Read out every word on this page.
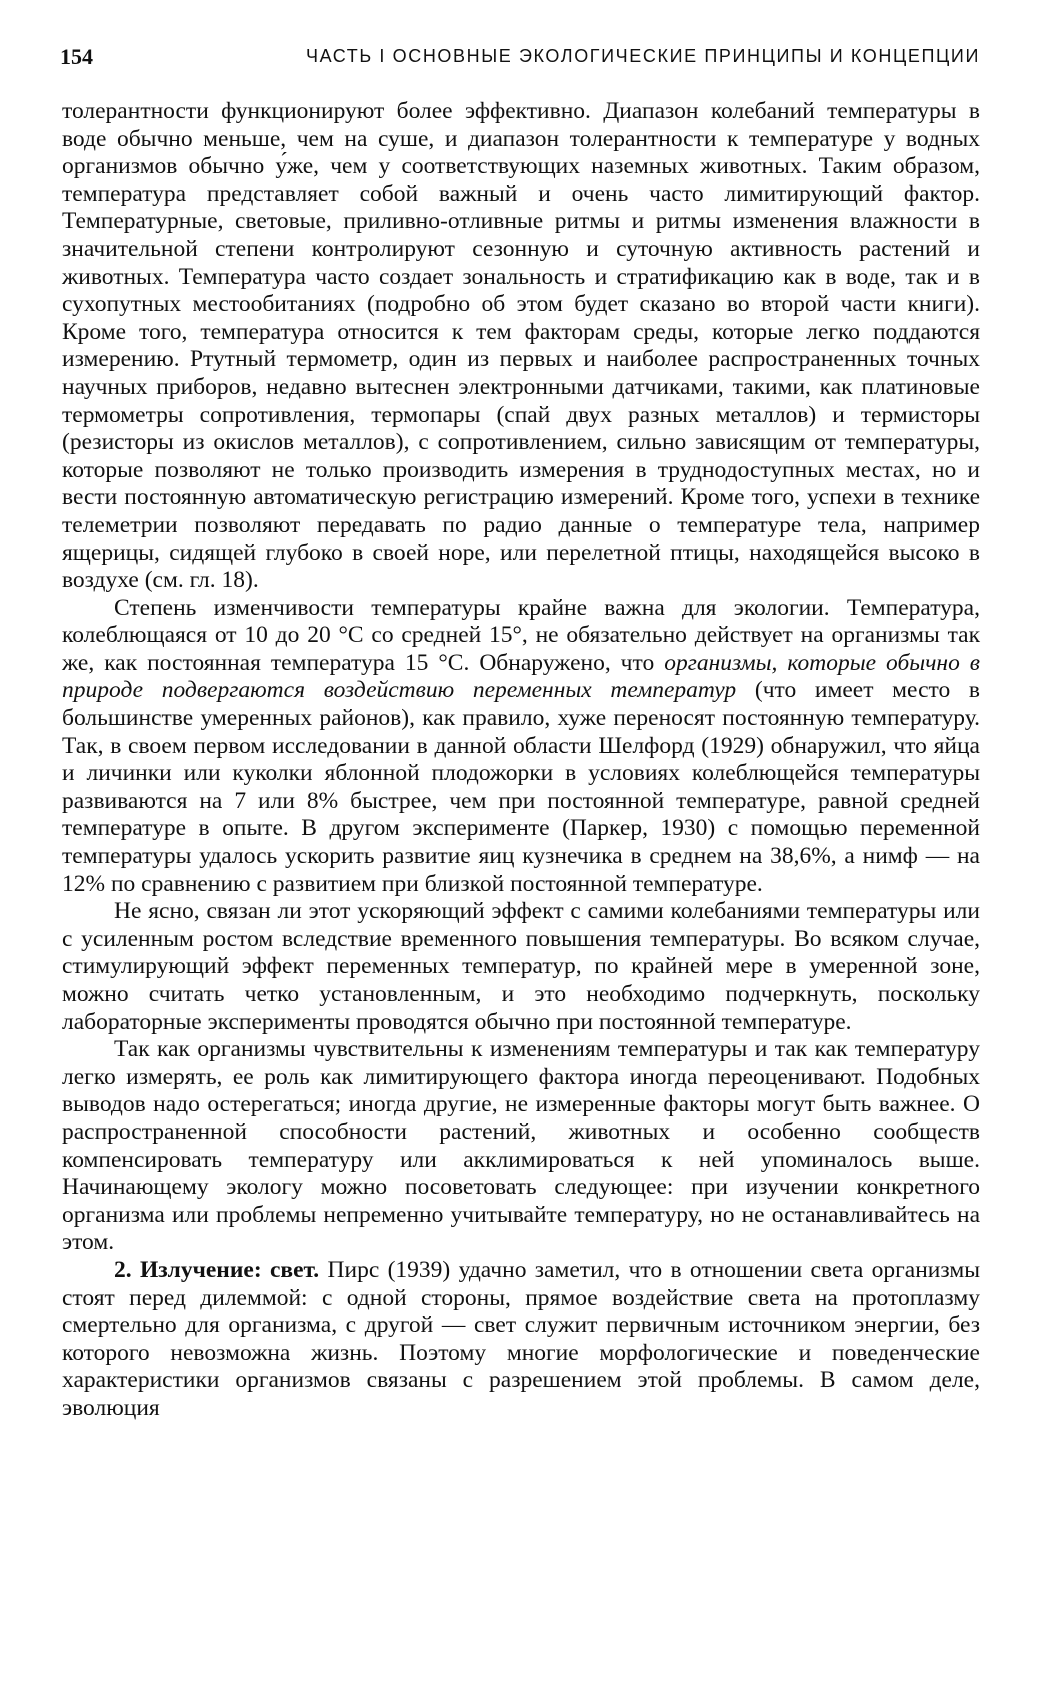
154	ЧАСТЬ I ОСНОВНЫЕ ЭКОЛОГИЧЕСКИЕ ПРИНЦИПЫ И КОНЦЕПЦИИ

толерантности функционируют более эффективно. Диапазон колебаний температуры в воде обычно меньше, чем на суше, и диапазон толерантности к температуре у водных организмов обычно у́же, чем у соответствующих наземных животных. Таким образом, температура представляет собой важный и очень часто лимитирующий фактор. Температурные, световые, приливно-отливные ритмы и ритмы изменения влажности в значительной степени контролируют сезонную и суточную активность растений и животных. Температура часто создает зональность и стратификацию как в воде, так и в сухопутных местообитаниях (подробно об этом будет сказано во второй части книги). Кроме того, температура относится к тем факторам среды, которые легко поддаются измерению. Ртутный термометр, один из первых и наиболее распространенных точных научных приборов, недавно вытеснен электронными датчиками, такими, как платиновые термометры сопротивления, термопары (спай двух разных металлов) и термисторы (резисторы из окислов металлов), с сопротивлением, сильно зависящим от температуры, которые позволяют не только производить измерения в труднодоступных местах, но и вести постоянную автоматическую регистрацию измерений. Кроме того, успехи в технике телеметрии позволяют передавать по радио данные о температуре тела, например ящерицы, сидящей глубоко в своей норе, или перелетной птицы, находящейся высоко в воздухе (см. гл. 18).

Степень изменчивости температуры крайне важна для экологии. Температура, колеблющаяся от 10 до 20 °C со средней 15°, не обязательно действует на организмы так же, как постоянная температура 15 °C. Обнаружено, что организмы, которые обычно в природе подвергаются воздействию переменных температур (что имеет место в большинстве умеренных районов), как правило, хуже переносят постоянную температуру. Так, в своем первом исследовании в данной области Шелфорд (1929) обнаружил, что яйца и личинки или куколки яблонной плодожорки в условиях колеблющейся температуры развиваются на 7 или 8% быстрее, чем при постоянной температуре, равной средней температуре в опыте. В другом эксперименте (Паркер, 1930) с помощью переменной температуры удалось ускорить развитие яиц кузнечика в среднем на 38,6%, а нимф — на 12% по сравнению с развитием при близкой постоянной температуре.

Не ясно, связан ли этот ускоряющий эффект с самими колебаниями температуры или с усиленным ростом вследствие временного повышения температуры. Во всяком случае, стимулирующий эффект переменных температур, по крайней мере в умеренной зоне, можно считать четко установленным, и это необходимо подчеркнуть, поскольку лабораторные эксперименты проводятся обычно при постоянной температуре.

Так как организмы чувствительны к изменениям температуры и так как температуру легко измерять, ее роль как лимитирующего фактора иногда переоценивают. Подобных выводов надо остерегаться; иногда другие, не измеренные факторы могут быть важнее. О распространенной способности растений, животных и особенно сообществ компенсировать температуру или акклимироваться к ней упоминалось выше. Начинающему экологу можно посоветовать следующее: при изучении конкретного организма или проблемы непременно учитывайте температуру, но не останавливайтесь на этом.

2. Излучение: свет. Пирс (1939) удачно заметил, что в отношении света организмы стоят перед дилеммой: с одной стороны, прямое воздействие света на протоплазму смертельно для организма, с другой — свет служит первичным источником энергии, без которого невозможна жизнь. Поэтому многие морфологические и поведенческие характеристики организмов связаны с разрешением этой проблемы. В самом деле, эволюция
